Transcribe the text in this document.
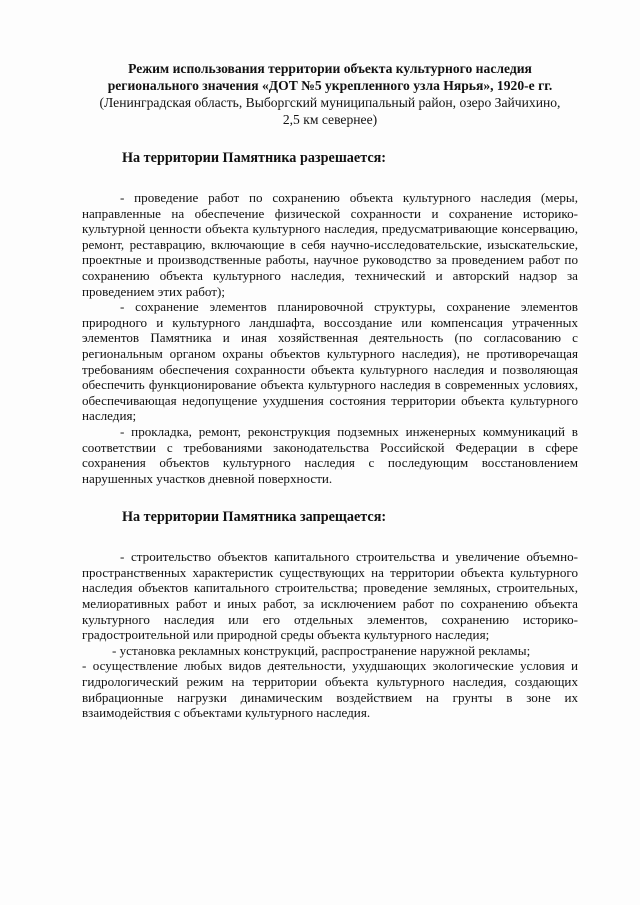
Режим использования территории объекта культурного наследия

регионального значения «ДОТ №5 укрепленного узла Нярья», 1920-е гг.

(Ленинградская область, Выборгский муниципальный район, озеро Зайчихино,

2,5 км севернее)

На территории Памятника разрешается:

- проведение работ по сохранению объекта культурного наследия (меры, направленные на обеспечение физической сохранности и сохранение историко-культурной ценности объекта культурного наследия, предусматривающие консервацию, ремонт, реставрацию, включающие в себя научно-исследовательские, изыскательские, проектные и производственные работы, научное руководство за проведением работ по сохранению объекта культурного наследия, технический и авторский надзор за проведением этих работ);

- сохранение элементов планировочной структуры, сохранение элементов природного и культурного ландшафта, воссоздание или компенсация утраченных элементов Памятника и иная хозяйственная деятельность (по согласованию с региональным органом охраны объектов культурного наследия), не противоречащая требованиям обеспечения сохранности объекта культурного наследия и позволяющая обеспечить функционирование объекта культурного наследия в современных условиях, обеспечивающая недопущение ухудшения состояния территории объекта культурного наследия;

- прокладка, ремонт, реконструкция подземных инженерных коммуникаций в соответствии с требованиями законодательства Российской Федерации в сфере сохранения объектов культурного наследия с последующим восстановлением нарушенных участков дневной поверхности.

На территории Памятника запрещается:

- строительство объектов капитального строительства и увеличение объемно-пространственных характеристик существующих на территории объекта культурного наследия объектов капитального строительства; проведение земляных, строительных, мелиоративных работ и иных работ, за исключением работ по сохранению объекта культурного наследия или его отдельных элементов, сохранению историко-градостроительной или природной среды объекта культурного наследия;

- установка рекламных конструкций, распространение наружной рекламы;

- осуществление любых видов деятельности, ухудшающих экологические условия и гидрологический режим на территории объекта культурного наследия, создающих вибрационные нагрузки динамическим воздействием на грунты в зоне их взаимодействия с объектами культурного наследия.
